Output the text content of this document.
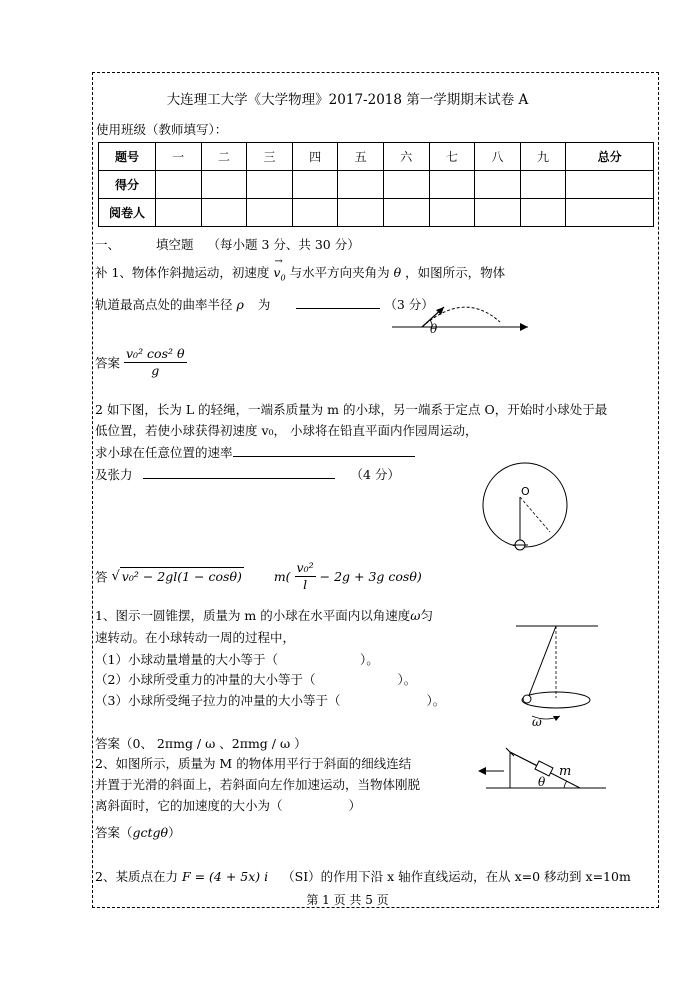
大连理工大学《大学物理》2017-2018 第一学期期末试卷 A
使用班级（教师填写）：
题号	一	二	三	四	五	六	七	八	九	总分
得分										
阅卷人										
一、	填空题 （每小题 3 分、共 30 分）
补 1、物体作斜抛运动，初速度
→
$v_0$ 与水平方向夹角为 θ ，如图所示，物体
轨道最高点处的曲率半径 ρ 为	（3 分）
θ
答案 $\frac{\text{v₀² cos² θ}}{g}$
2 如下图，长为 L 的轻绳，一端系质量为 m 的小球，另一端系于定点 O，开始时小球处于最
低位置，若使小球获得初速度 v₀， 小球将在铅直平面内作园周运动，
求小球在任意位置的速率
及张力	（4 分）
O
答 √ v₀² − 2gl(1 − cosθ)	$m( \frac{\text{v₀²}}{l} - 2g + 3g$ cosθ)
1、图示一圆锥摆，质量为 m 的小球在水平面内以角速度ω匀
速转动。在小球转动一周的过程中，
（1）小球动量增量的大小等于（	）。
（2）小球所受重力的冲量的大小等于（	）。
（3）小球所受绳子拉力的冲量的大小等于（	）。
ω
答案（0、 2πmg / ω 、2πmg / ω ）
2、如图所示，质量为 M 的物体用平行于斜面的细线连结
并置于光滑的斜面上，若斜面向左作加速运动，当物体刚脱
离斜面时，它的加速度的大小为（	）
θ
m
答案（gctgθ）
2、某质点在力 F = (4 + 5x) i （SI）的作用下沿 x 轴作直线运动，在从 x=0 移动到 x=10m
第 1 页 共 5 页
